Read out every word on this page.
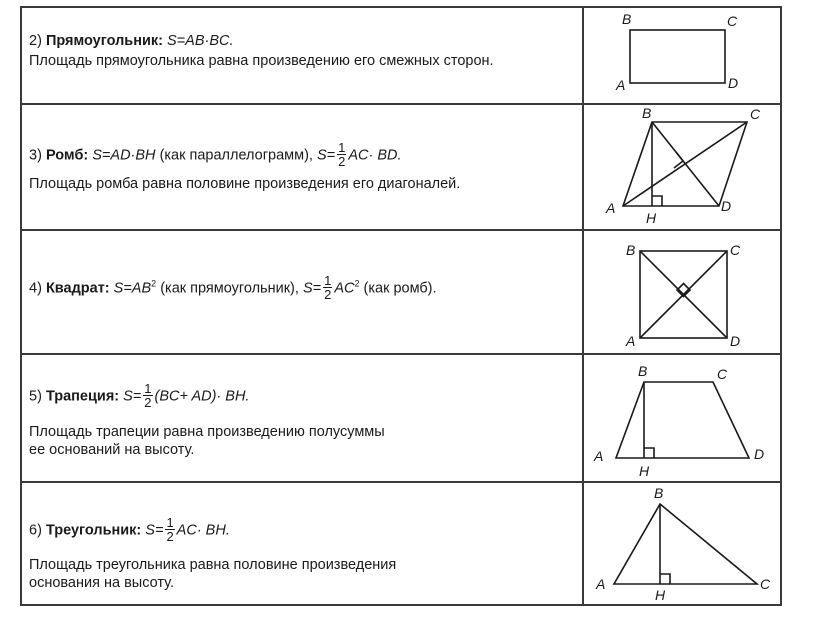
2) Прямоугольник: S=AB·BC.
Площадь прямоугольника равна произведению его смежных сторон.
B	C
A	D
3) Ромб: S=AD·BH (как параллелограмм), $S= \frac{1}{2} AC\cdot$ BD.
Площадь ромба равна половине произведения его диагоналей.
B	C
A
H
D
4) Квадрат: $S=AB^2$ (как прямоугольник), $S= \frac{1}{2} AC^2$ (как ромб).
B	C
A	D
5) Трапеция: $S= \frac{1}{2} (BC+ AD)\cdot$ BH.
Площадь трапеции равна произведению полусуммы
ее оснований на высоту.
B	C
A	D
H
6) Треугольник: $S= \frac{1}{2} AC\cdot$ BH.
Площадь треугольника равна половине произведения
основания на высоту.
B
A	C
H
